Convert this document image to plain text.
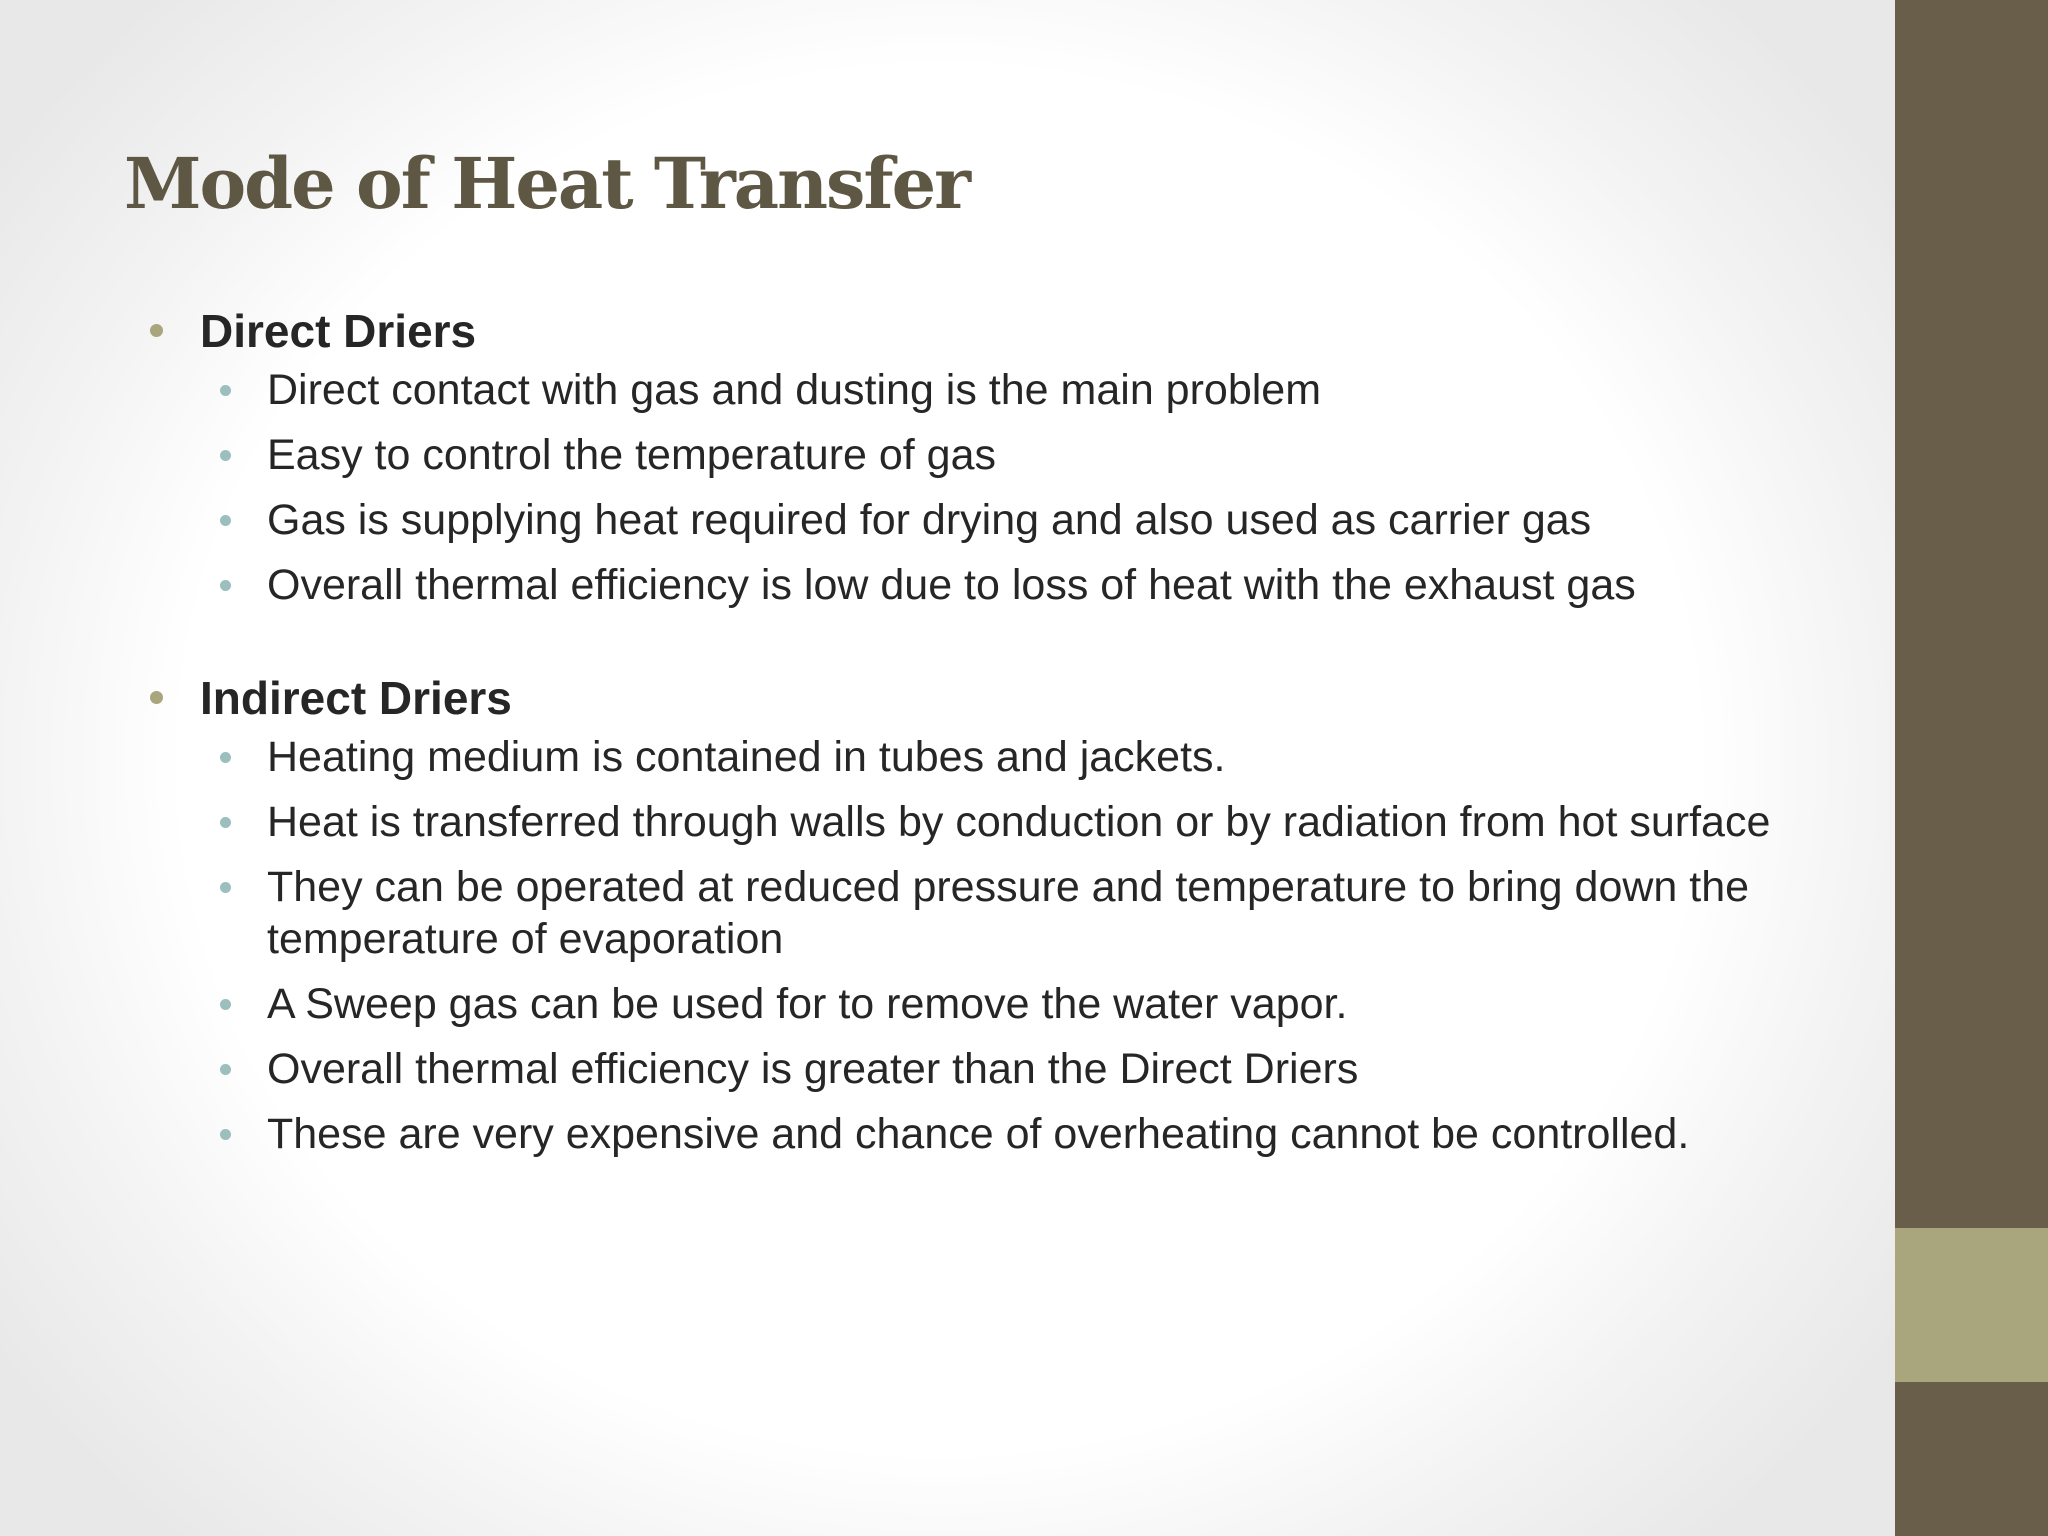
Mode of Heat Transfer
Direct Driers
Direct contact with gas and dusting is the main problem
Easy to control the temperature of gas
Gas is supplying heat required for drying and also used as carrier gas
Overall thermal efficiency is low due to loss of heat with the exhaust gas
Indirect Driers
Heating medium is contained in tubes and jackets.
Heat is transferred through walls by conduction or by radiation from hot surface
They can be operated at reduced pressure and temperature to bring down the temperature of evaporation
A Sweep gas can be used for to remove the water vapor.
Overall thermal efficiency is greater than the Direct Driers
These are very expensive and chance of overheating cannot be controlled.
